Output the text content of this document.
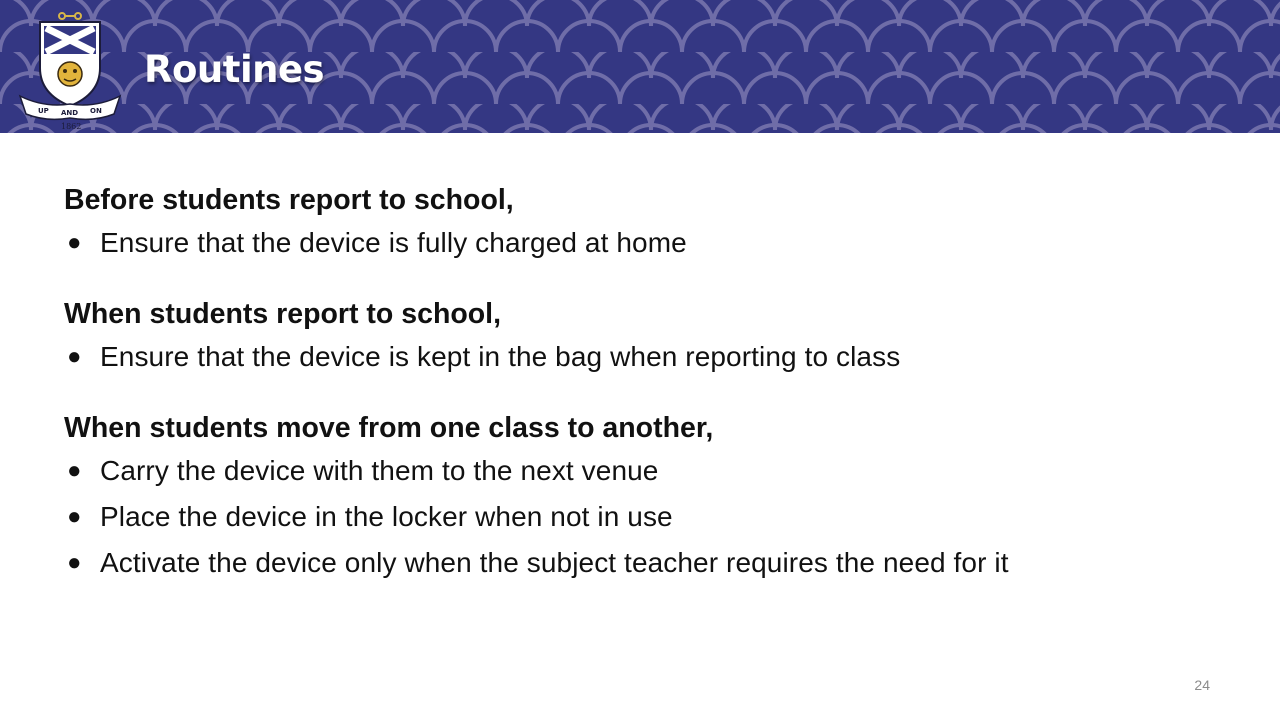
UP AND ON
1862
Routines

Before students report to school,

● Ensure that the device is fully charged at home

When students report to school,

● Ensure that the device is kept in the bag when reporting to class

When students move from one class to another,

● Carry the device with them to the next venue
● Place the device in the locker when not in use
● Activate the device only when the subject teacher requires the need for it
24
